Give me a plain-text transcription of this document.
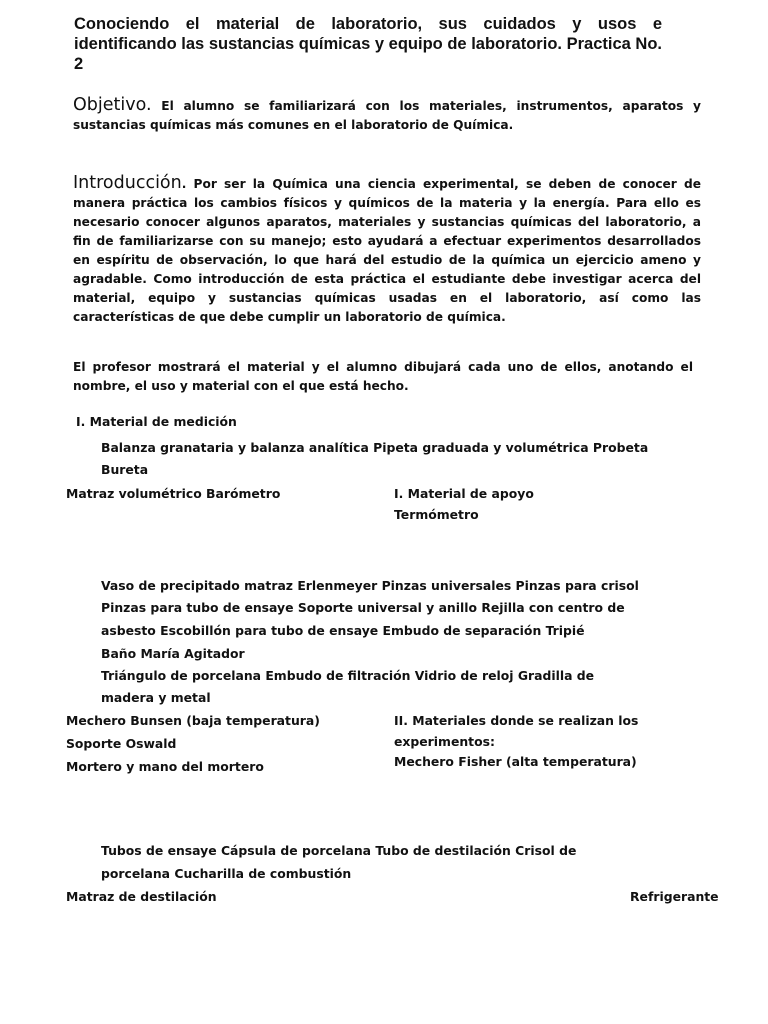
Conociendo el material de laboratorio, sus cuidados y usos e identificando las sustancias químicas y equipo de laboratorio. Practica No. 2
Objetivo. El alumno se familiarizará con los materiales, instrumentos, aparatos y sustancias químicas más comunes en el laboratorio de Química.
Introducción. Por ser la Química una ciencia experimental, se deben de conocer de manera práctica los cambios físicos y químicos de la materia y la energía. Para ello es necesario conocer algunos aparatos, materiales y sustancias químicas del laboratorio, a fin de familiarizarse con su manejo; esto ayudará a efectuar experimentos desarrollados en espíritu de observación, lo que hará del estudio de la química un ejercicio ameno y agradable. Como introducción de esta práctica el estudiante debe investigar acerca del material, equipo y sustancias químicas usadas en el laboratorio, así como las características de que debe cumplir un laboratorio de química.
El profesor mostrará el material y el alumno dibujará cada uno de ellos, anotando el nombre, el uso y material con el que está hecho.
I. Material de medición
Balanza granataria y balanza analítica Pipeta graduada y volumétrica Probeta
Bureta
Matraz volumétrico Barómetro	I. Material de apoyo
Termómetro
Vaso de precipitado matraz Erlenmeyer Pinzas universales Pinzas para crisol
Pinzas para tubo de ensaye Soporte universal y anillo Rejilla con centro de
asbesto Escobillón para tubo de ensaye Embudo de separación Tripié
Baño María Agitador
Triángulo de porcelana Embudo de filtración Vidrio de reloj Gradilla de
madera y metal
Mechero Bunsen (baja temperatura)	II. Materiales donde se realizan los
Soporte Oswald	experimentos:
Mortero y mano del mortero	Mechero Fisher (alta temperatura)
Tubos de ensaye Cápsula de porcelana Tubo de destilación Crisol de
porcelana Cucharilla de combustión
Matraz de destilación	Refrigerante
